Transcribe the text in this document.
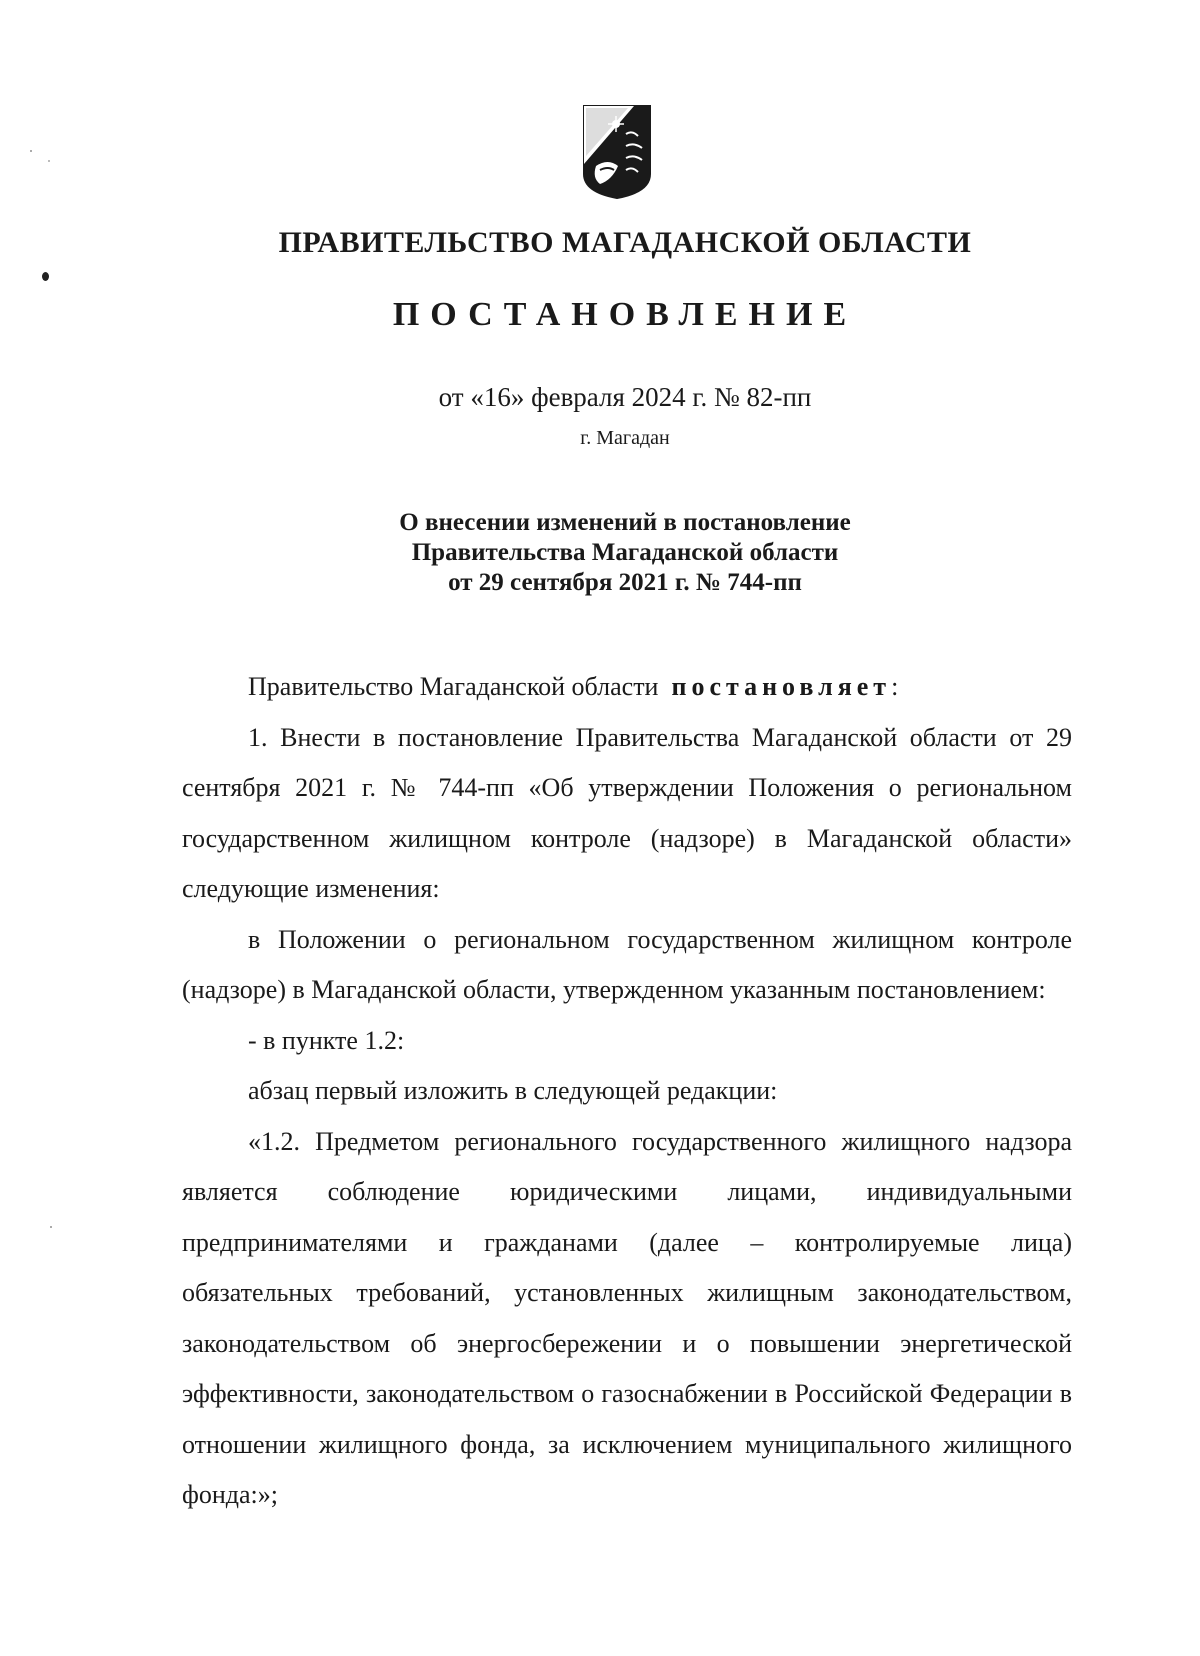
ПРАВИТЕЛЬСТВО МАГАДАНСКОЙ ОБЛАСТИ
ПОСТАНОВЛЕНИЕ
от «16» февраля 2024 г. № 82-пп
г. Магадан
О внесении изменений в постановление
Правительства Магаданской области
от 29 сентября 2021 г. № 744-пп

Правительство Магаданской области постановляет:

1. Внести в постановление Правительства Магаданской области от 29 сентября 2021 г. № 744-пп «Об утверждении Положения о региональном государственном жилищном контроле (надзоре) в Магаданской области» следующие изменения:

в Положении о региональном государственном жилищном контроле (надзоре) в Магаданской области, утвержденном указанным постановлением:

- в пункте 1.2:

абзац первый изложить в следующей редакции:

«1.2. Предметом регионального государственного жилищного надзора является соблюдение юридическими лицами, индивидуальными предпринимателями и гражданами (далее – контролируемые лица) обязательных требований, установленных жилищным законодательством, законодательством об энергосбережении и о повышении энергетической эффективности, законодательством о газоснабжении в Российской Федерации в отношении жилищного фонда, за исключением муниципального жилищного фонда:»;
